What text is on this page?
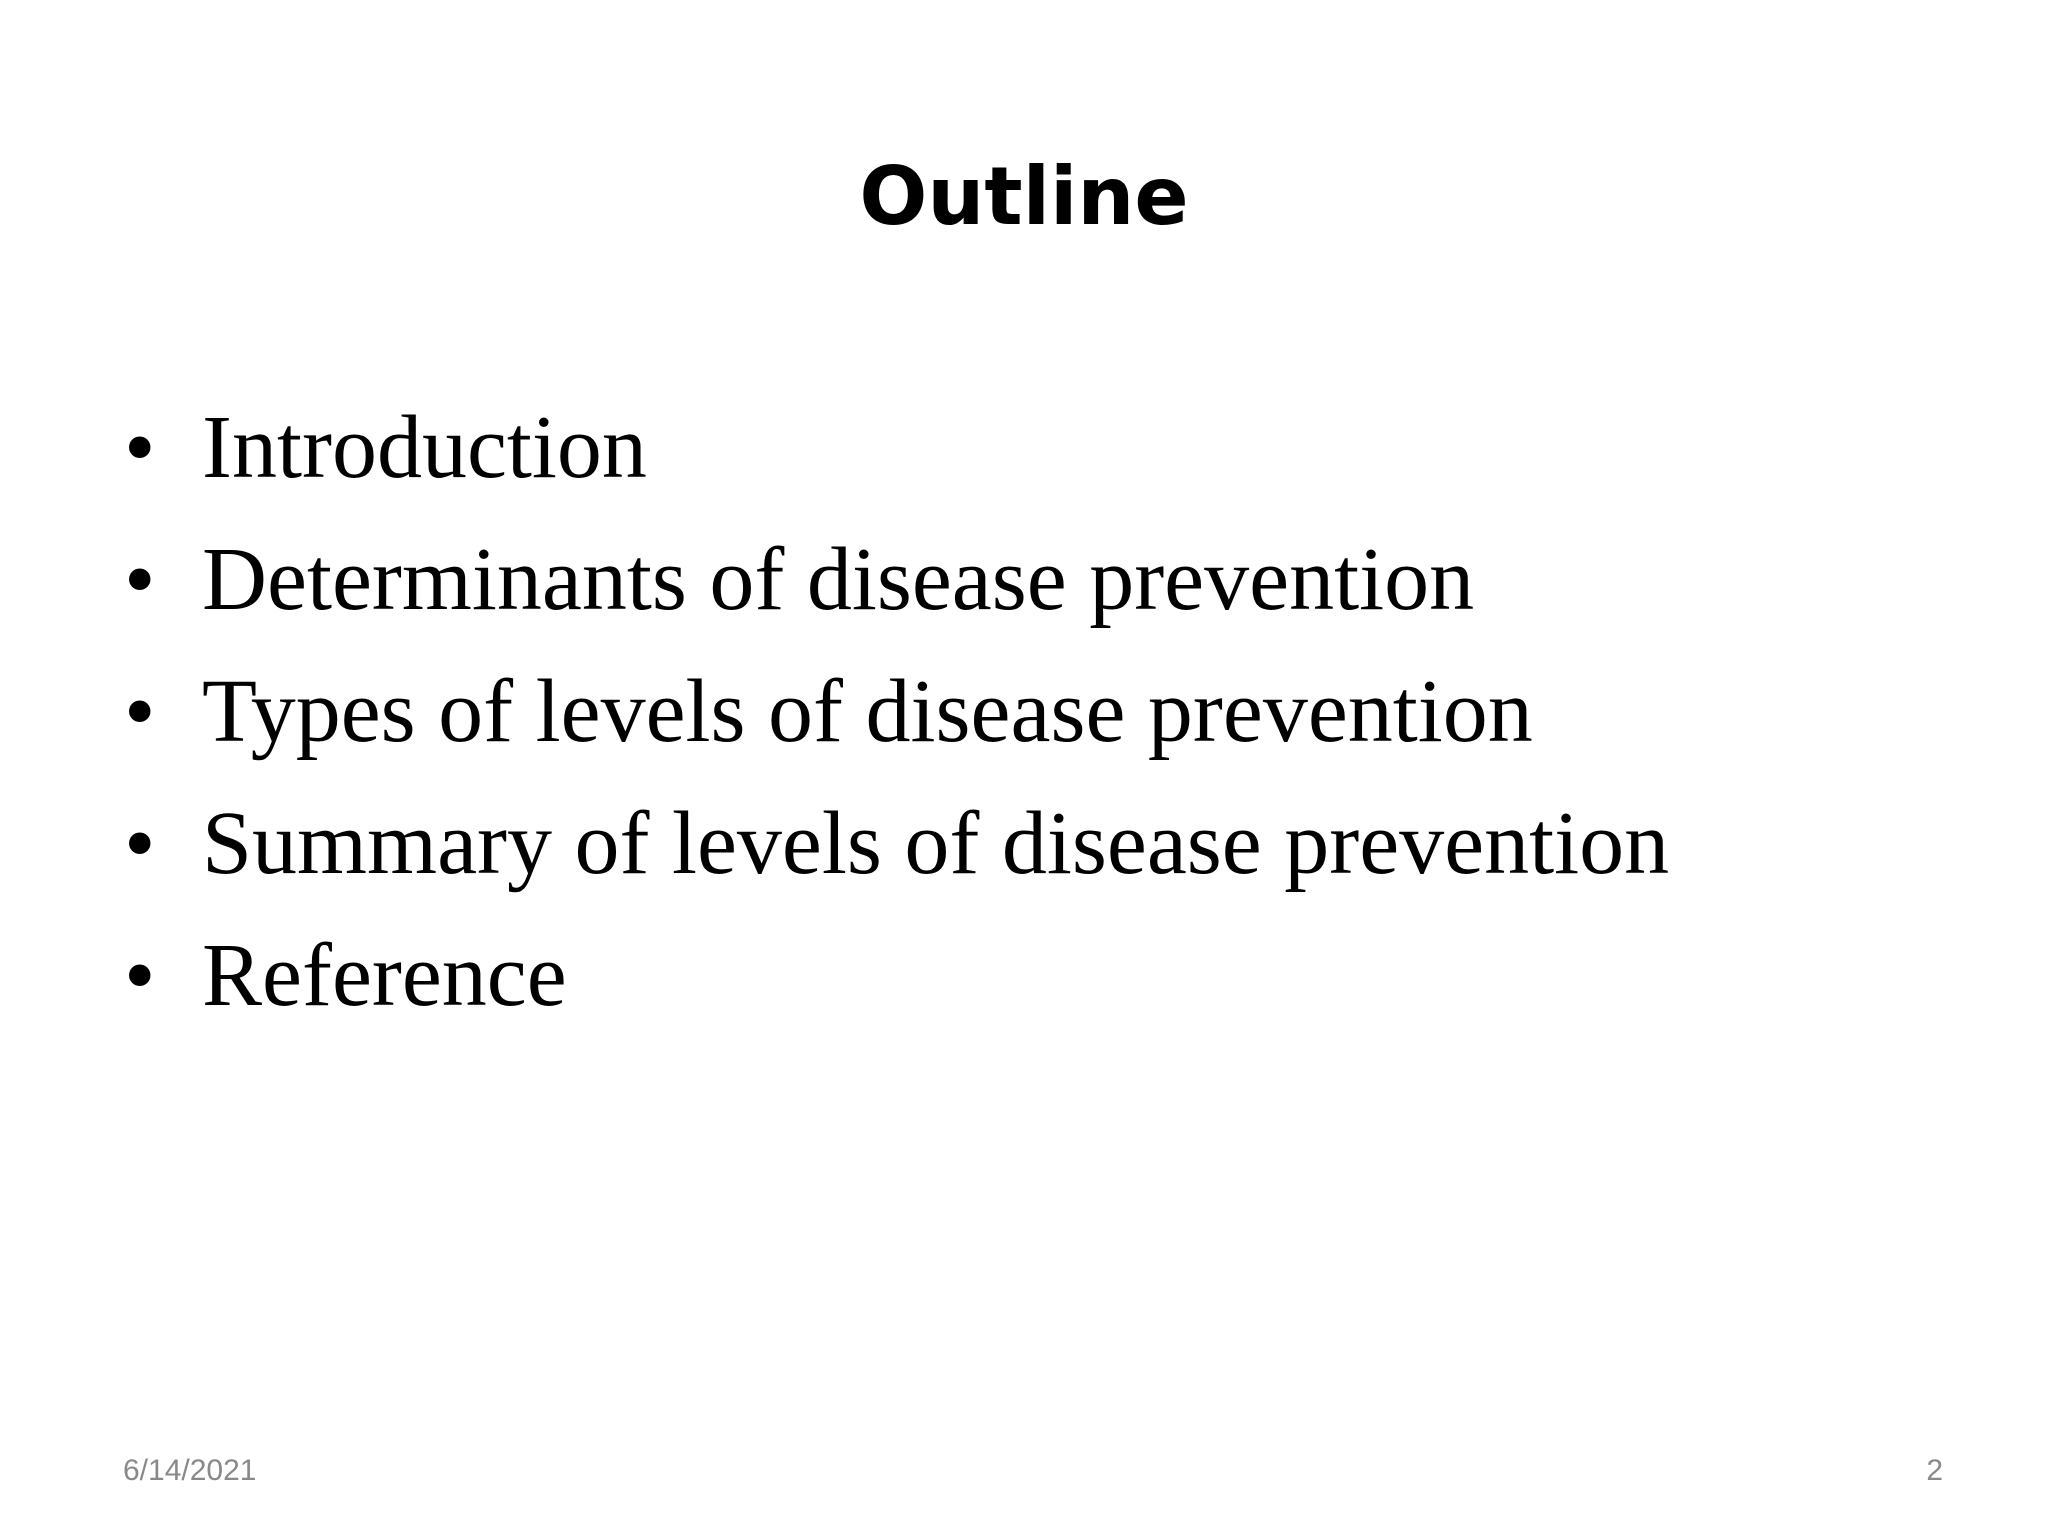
Outline
• Introduction
• Determinants of disease prevention
• Types of levels of disease prevention
• Summary of levels of disease prevention
• Reference
6/14/2021	2
